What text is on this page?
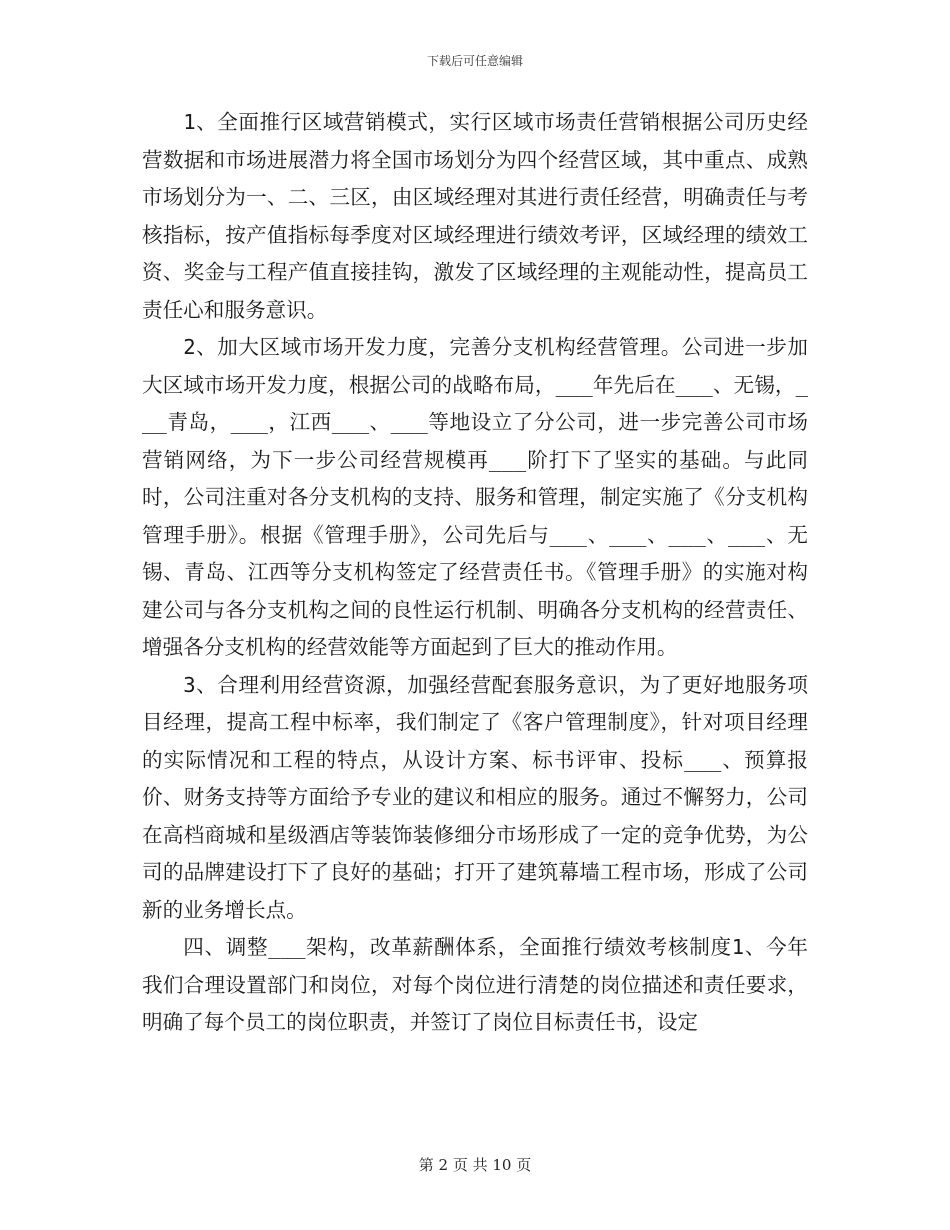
下载后可任意编辑

1、全面推行区域营销模式，实行区域市场责任营销根据公司历史经营数据和市场进展潜力将全国市场划分为四个经营区域，其中重点、成熟市场划分为一、二、三区，由区域经理对其进行责任经营，明确责任与考核指标，按产值指标每季度对区域经理进行绩效考评，区域经理的绩效工资、奖金与工程产值直接挂钩，激发了区域经理的主观能动性，提高员工责任心和服务意识。

2、加大区域市场开发力度，完善分支机构经营管理。公司进一步加大区域市场开发力度，根据公司的战略布局，___年先后在___、无锡，___青岛，___，江西___、___等地设立了分公司，进一步完善公司市场营销网络，为下一步公司经营规模再___阶打下了坚实的基础。与此同时，公司注重对各分支机构的支持、服务和管理，制定实施了《分支机构管理手册》。根据《管理手册》，公司先后与___、___、___、___、无锡、青岛、江西等分支机构签定了经营责任书。《管理手册》的实施对构建公司与各分支机构之间的良性运行机制、明确各分支机构的经营责任、增强各分支机构的经营效能等方面起到了巨大的推动作用。

3、合理利用经营资源，加强经营配套服务意识，为了更好地服务项目经理，提高工程中标率，我们制定了《客户管理制度》，针对项目经理的实际情况和工程的特点，从设计方案、标书评审、投标___、预算报价、财务支持等方面给予专业的建议和相应的服务。通过不懈努力，公司在高档商城和星级酒店等装饰装修细分市场形成了一定的竞争优势，为公司的品牌建设打下了良好的基础；打开了建筑幕墙工程市场，形成了公司新的业务增长点。

四、调整___架构，改革薪酬体系，全面推行绩效考核制度1、今年我们合理设置部门和岗位，对每个岗位进行清楚的岗位描述和责任要求，明确了每个员工的岗位职责，并签订了岗位目标责任书，设定

第 2 页 共 10 页
